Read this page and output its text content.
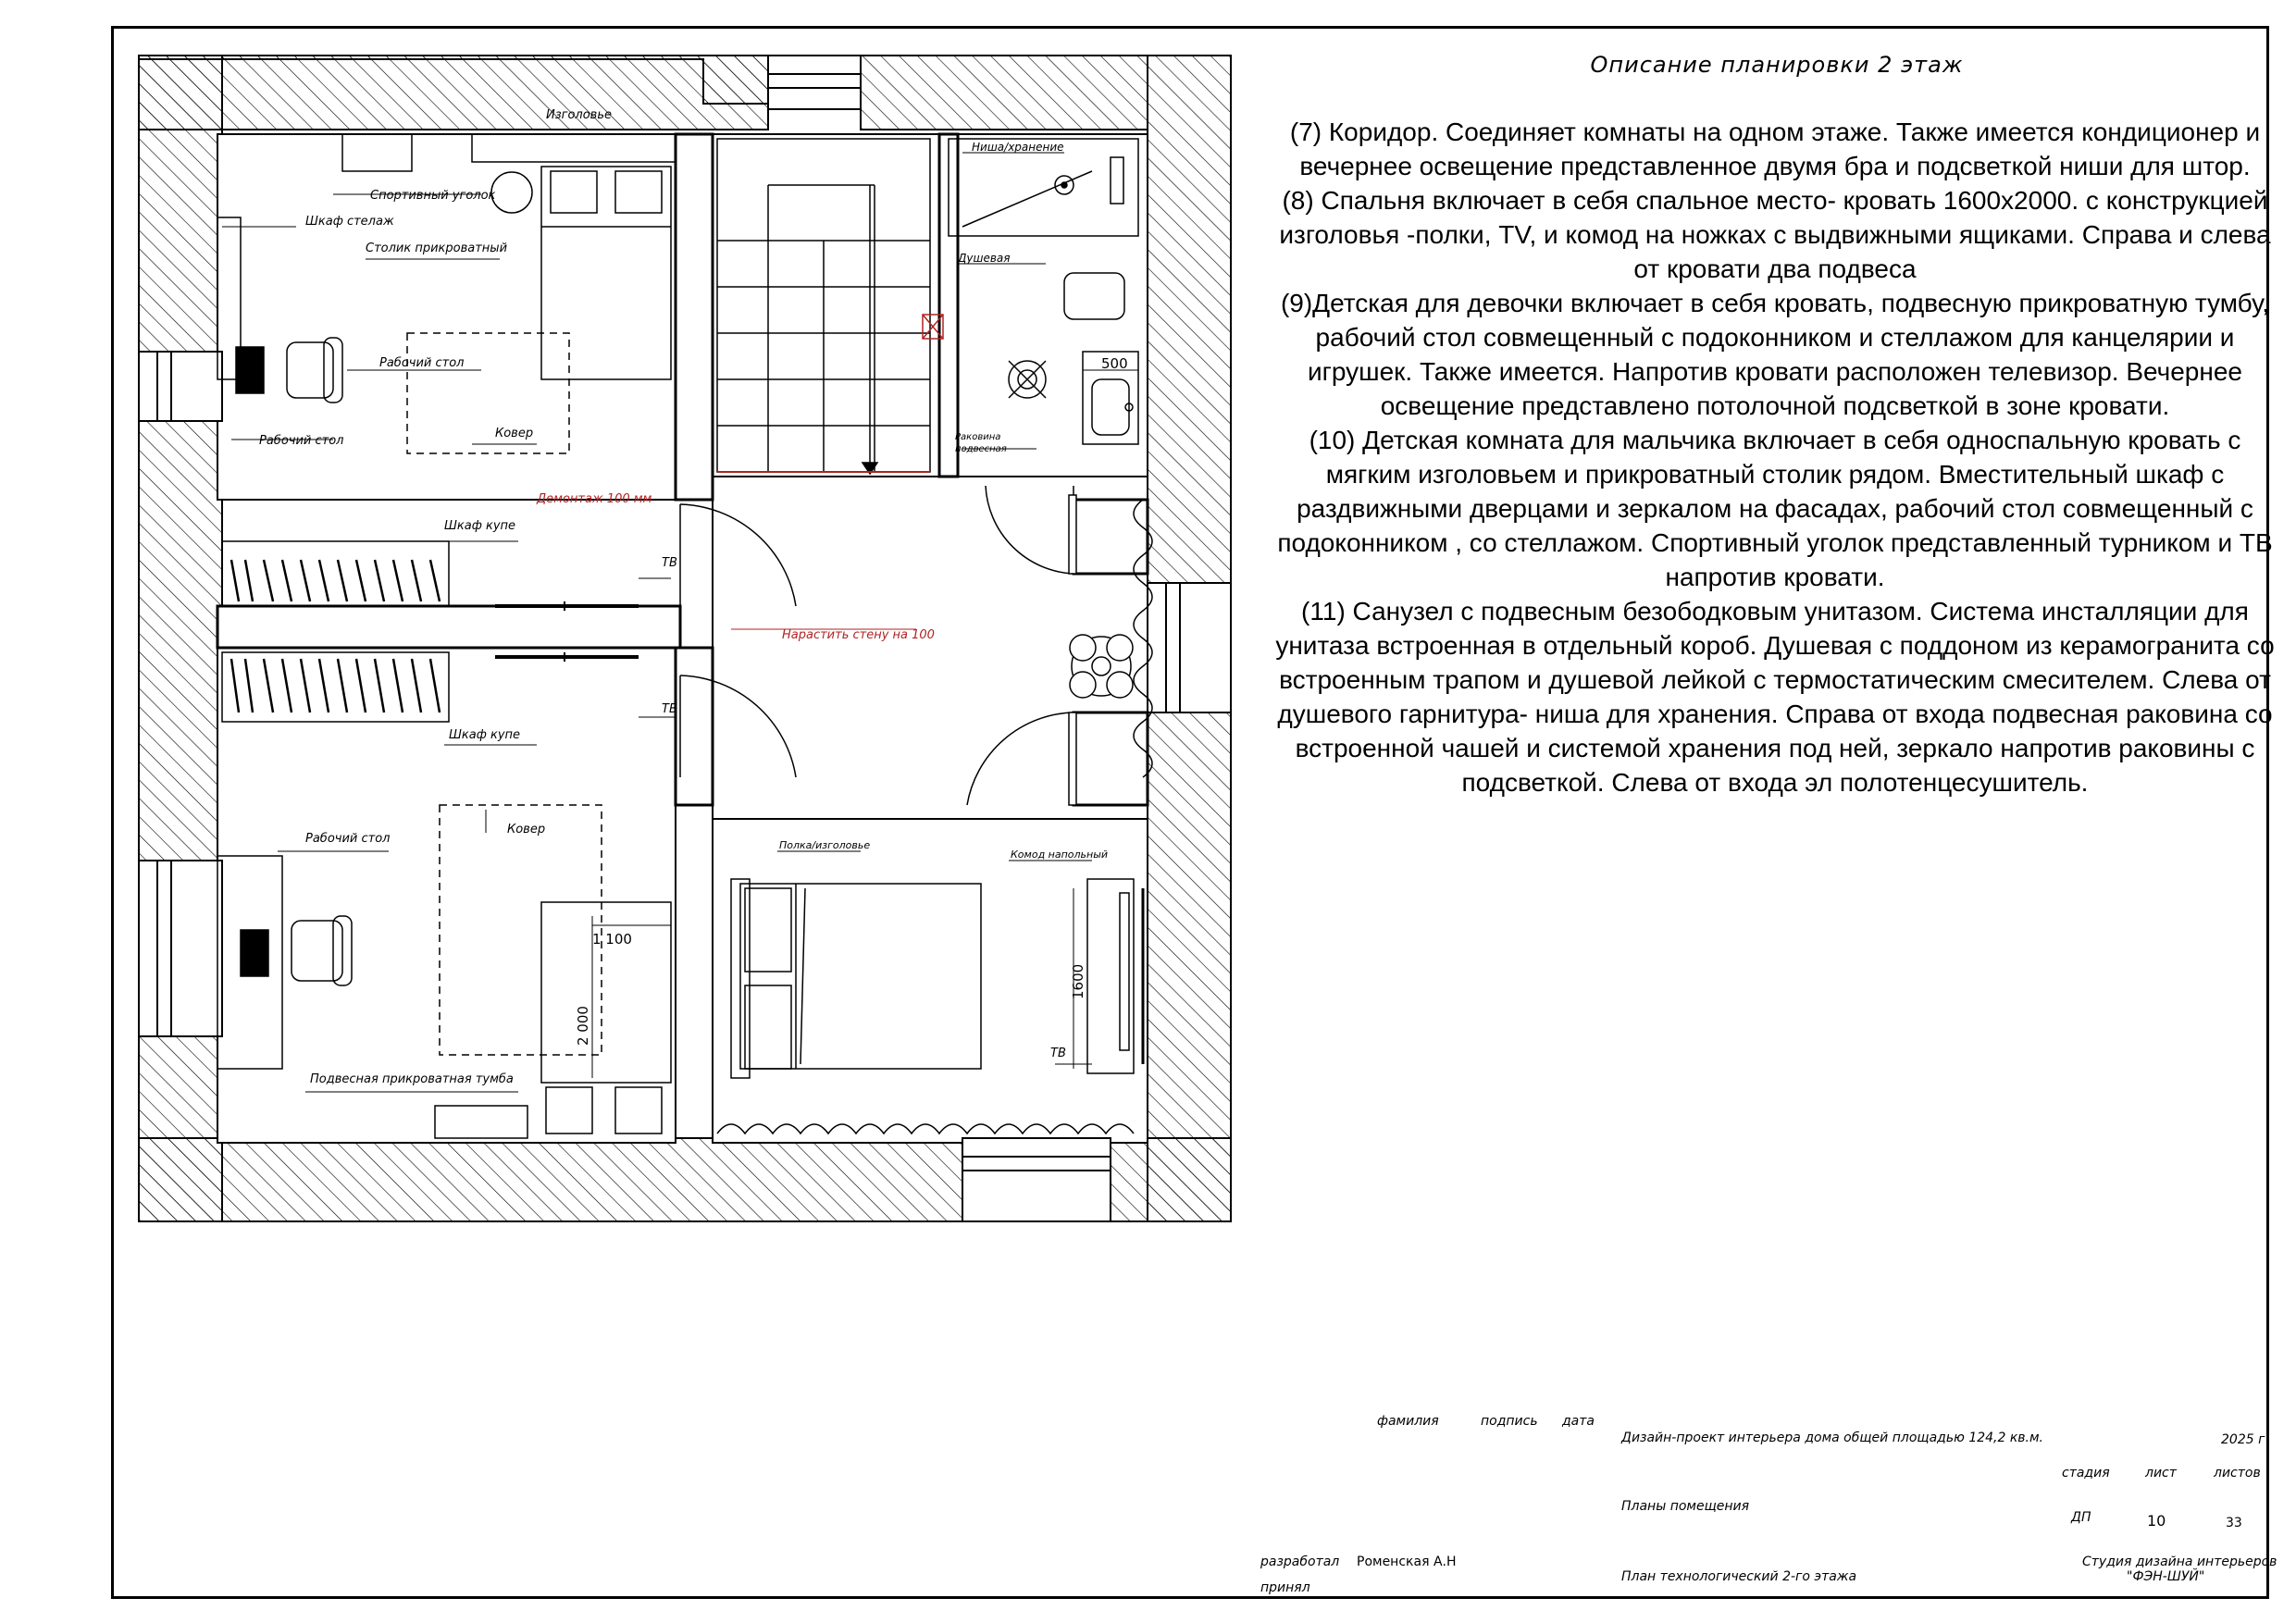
Изголовье
Спортивный уголок
Шкаф стелаж
Столик прикроватный
Рабочий стол
Рабочий стол
Ковер
Демонтаж 100 мм
Шкаф купе
ТВ
Нарастить стену на 100
Шкаф купе
ТВ
Рабочий стол
Ковер
1 100
2 000
Подвесная прикроватная тумба
Полка/изголовье
Комод напольный
1600
ТВ
Ниша/хранение
Душевая
500
Раковина
подвесная
Описание планировки 2 этаж

(7) Коридор. Соединяет комнаты на одном этаже. Также имеется кондиционер и вечернее освещение представленное двумя бра и подсветкой ниши для штор.

(8) Спальня включает в себя спальное место- кровать 1600х2000. с конструкцией изголовья -полки, TV, и комод на ножках с выдвижными ящиками. Справа и слева от кровати два подвеса

(9)Детская для девочки включает в себя кровать, подвесную прикроватную тумбу, рабочий стол совмещенный с подоконником и стеллажом для канцелярии и игрушек. Также имеется. Напротив кровати расположен телевизор. Вечернее освещение представлено потолочной подсветкой в зоне кровати.

(10) Детская комната для мальчика включает в себя односпальную кровать с мягким изголовьем и прикроватный столик рядом. Вместительный шкаф с раздвижными дверцами и зеркалом на фасадах, рабочий стол совмещенный с подоконником , со стеллажом. Спортивный уголок представленный турником и ТВ напротив кровати.

(11) Санузел с подвесным безободковым унитазом. Система инсталляции для унитаза встроенная в отдельный короб. Душевая с поддоном из керамогранита со встроенным трапом и душевой лейкой с термостатическим смесителем. Слева от душевого гарнитура- ниша для хранения. Справа от входа подвесная раковина со встроенной чашей и системой хранения под ней, зеркало напротив раковины с подсветкой. Слева от входа эл полотенцесушитель.

фамилия	подпись дата
Дизайн-проект интерьера дома общей площадью 124,2 кв.м.	2025 г
Планы помещения
стадия	лист	листов
ДП	10	33
разработал
принял
Роменская А.Н
План технологический 2-го этажа
Студия дизайна интерьеров
"ФЭН-ШУЙ"
